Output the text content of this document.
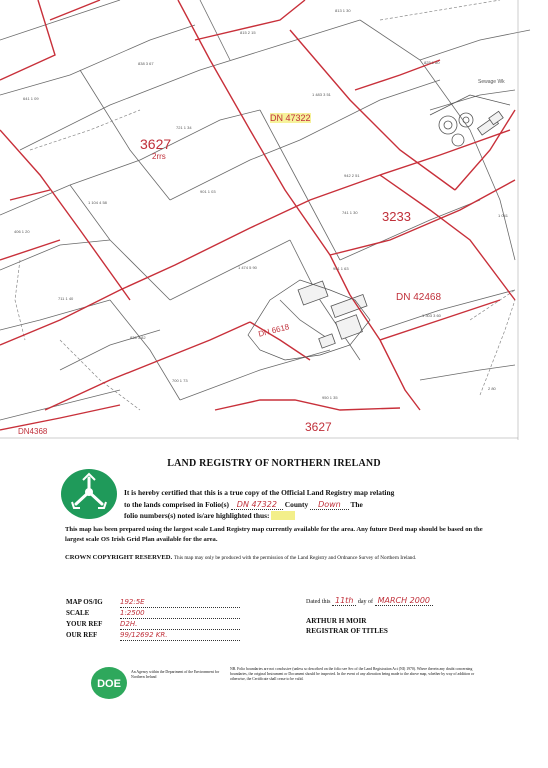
3627
2rrs
DN 47322
3233
DN 42468
DN 6618
3627
DN4368
Sewage Wk
1 483 3 51
813 1 30
838 3 67
815 2 15
721 1 34
825 1 80
1 104 4 58
1 474 5 90
901 1 03
741 1 30
641 1 09
1 303 3 60
901 1 63
836 3 82
700 1 73
406 1 20
1 041
711 1 40
950 1 35
942 2 51
2 80
LAND REGISTRY OF NORTHERN IRELAND
It is hereby certified that this is a true copy of the Official Land Registry map relating
to the lands comprised in Folio(s) DN 47322 County Down The
folio numbers(s) noted is/are highlighted thus:
This map has been prepared using the largest scale Land Registry map currently available for the area. Any future Deed map should be based on the largest scale OS Irish Grid Plan available for the area.
CROWN COPYRIGHT RESERVED. This map may only be produced with the permission of the Land Registry and Ordnance Survey of Northern Ireland.
MAP OS/IG	192:5E
SCALE	1:2500
YOUR REF	D2H.
OUR REF	99/12692 KR.
Dated this 11th day of MARCH 2000
ARTHUR H MOIR
REGISTRAR OF TITLES
DOE
An Agency within the Department of the Environment for Northern Ireland
NB. Folio boundaries are not conclusive (unless so described on the folio see Sec of the Land Registration Act (NI) 1970). Where therein any doubt concerning boundaries, the original Instrument or Document should be inspected. In the event of any alteration being made to the above map, whether by way of addition or otherwise, the Certificate shall cease to be valid.
